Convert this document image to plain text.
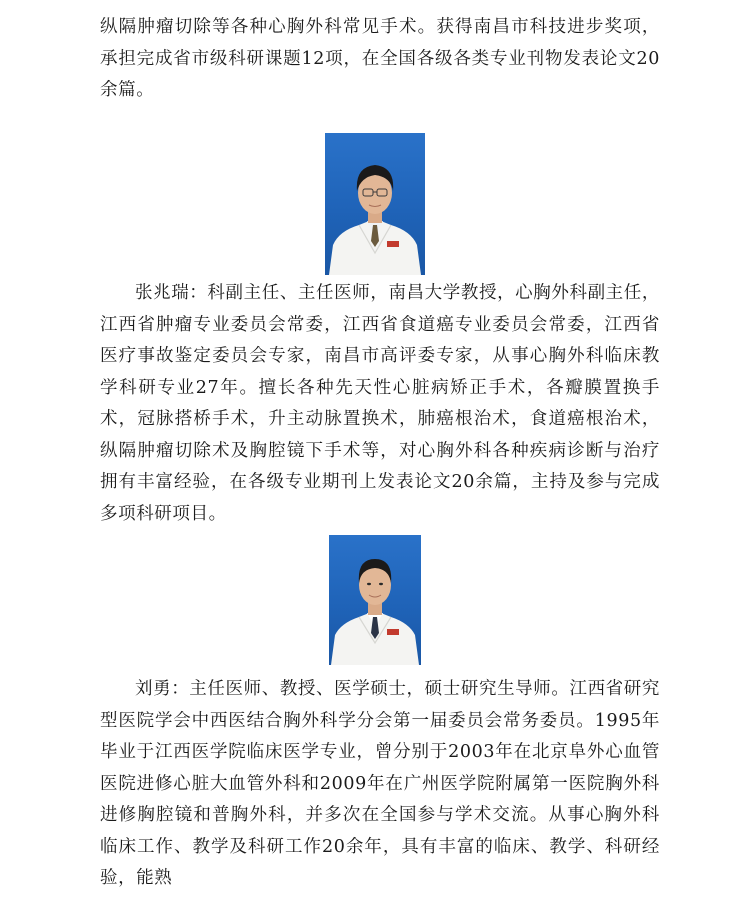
纵隔肿瘤切除等各种心胸外科常见手术。获得南昌市科技进步奖项，承担完成省市级科研课题12项，在全国各级各类专业刊物发表论文20余篇。

张兆瑞：科副主任、主任医师，南昌大学教授，心胸外科副主任，江西省肿瘤专业委员会常委，江西省食道癌专业委员会常委，江西省医疗事故鉴定委员会专家，南昌市高评委专家，从事心胸外科临床教学科研专业27年。擅长各种先天性心脏病矫正手术，各瓣膜置换手术，冠脉搭桥手术，升主动脉置换术，肺癌根治术，食道癌根治术，纵隔肿瘤切除术及胸腔镜下手术等，对心胸外科各种疾病诊断与治疗拥有丰富经验，在各级专业期刊上发表论文20余篇，主持及参与完成多项科研项目。

刘勇：主任医师、教授、医学硕士，硕士研究生导师。江西省研究型医院学会中西医结合胸外科学分会第一届委员会常务委员。1995年毕业于江西医学院临床医学专业，曾分别于2003年在北京阜外心血管医院进修心脏大血管外科和2009年在广州医学院附属第一医院胸外科进修胸腔镜和普胸外科，并多次在全国参与学术交流。从事心胸外科临床工作、教学及科研工作20余年，具有丰富的临床、教学、科研经验，能熟
